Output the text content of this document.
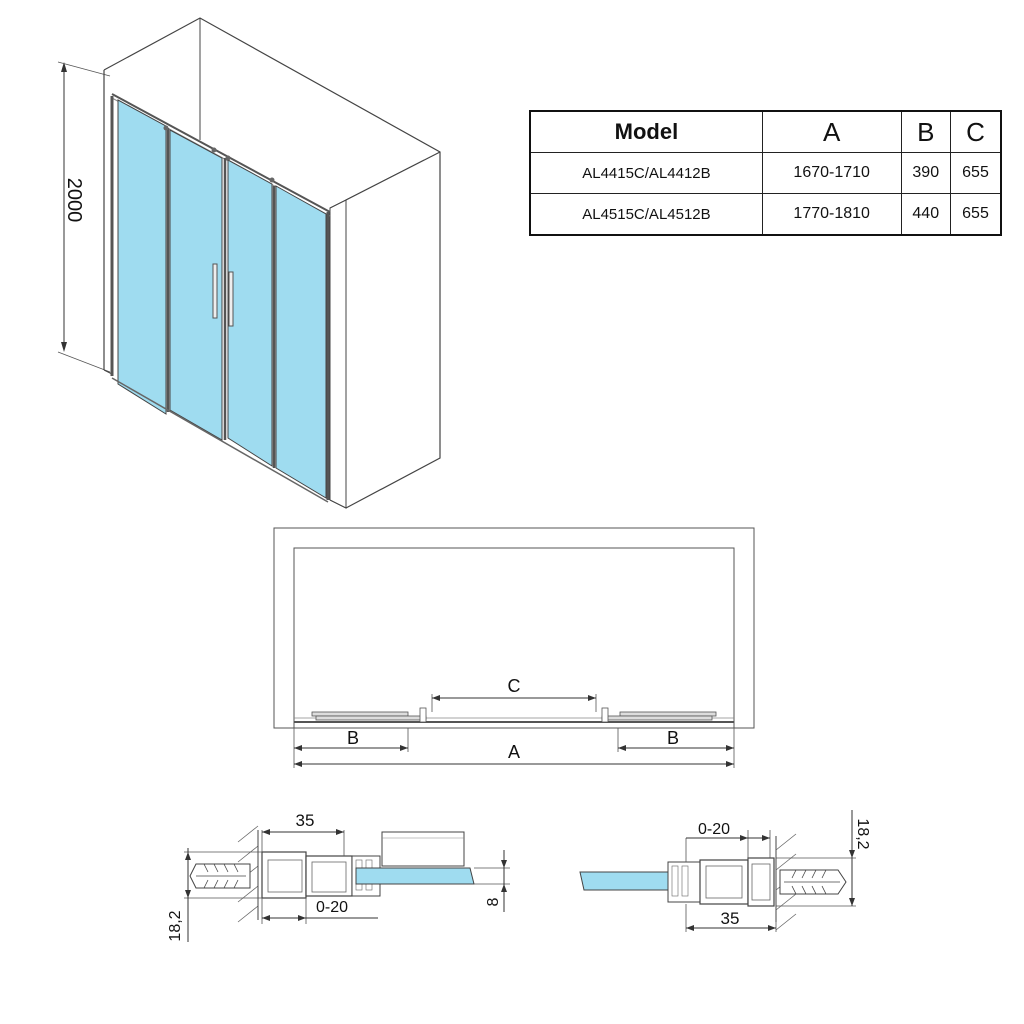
2000
Model	A	B	C
AL4415C/AL4412B	1670-1710	390	655
AL4515C/AL4512B	1770-1810	440	655
C
B	B
A
35
0-20
18,2
8
0-20
35
18,2
